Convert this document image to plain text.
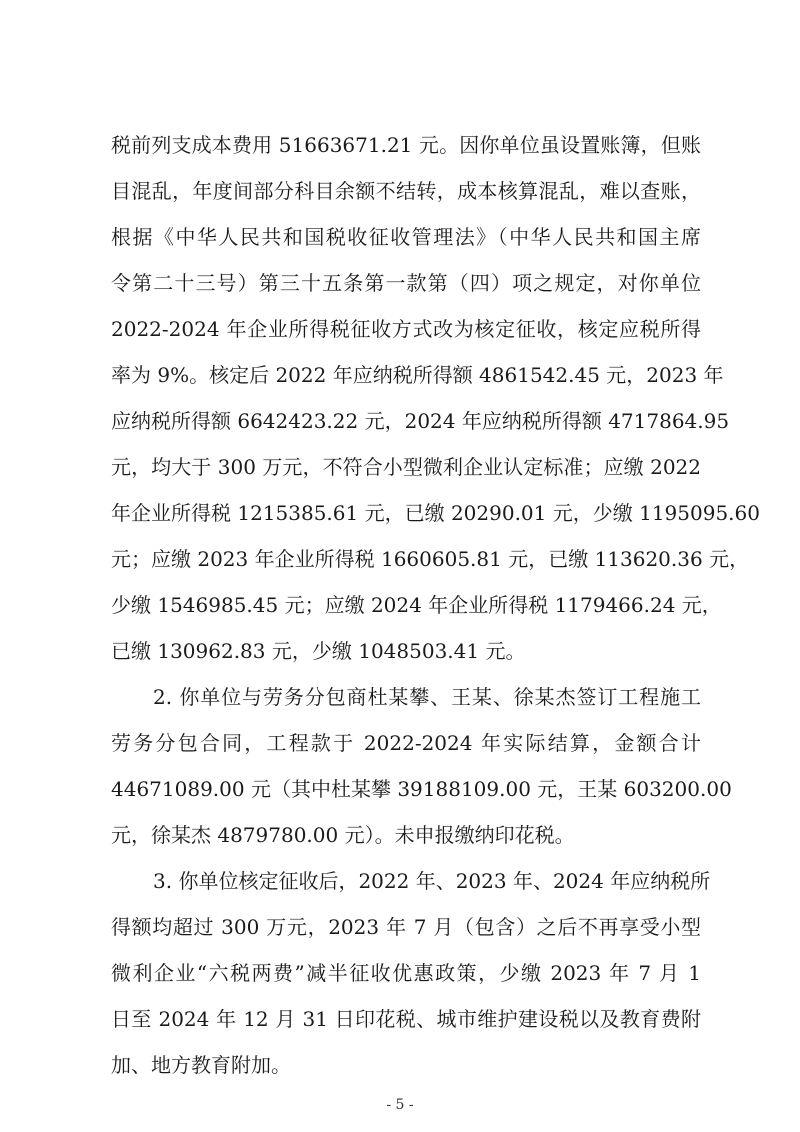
税前列支成本费用 51663671.21 元。因你单位虽设置账簿，但账
目混乱，年度间部分科目余额不结转，成本核算混乱，难以查账，
根据《中华人民共和国税收征收管理法》（中华人民共和国主席
令第二十三号）第三十五条第一款第（四）项之规定，对你单位
2022-2024 年企业所得税征收方式改为核定征收，核定应税所得
率为 9%。核定后 2022 年应纳税所得额 4861542.45 元，2023 年
应纳税所得额 6642423.22 元，2024 年应纳税所得额 4717864.95
元，均大于 300 万元，不符合小型微利企业认定标准；应缴 2022
年企业所得税 1215385.61 元，已缴 20290.01 元，少缴 1195095.60
元；应缴 2023 年企业所得税 1660605.81 元，已缴 113620.36 元，
少缴 1546985.45 元；应缴 2024 年企业所得税 1179466.24 元，
已缴 130962.83 元，少缴 1048503.41 元。
2. 你单位与劳务分包商杜某攀、王某、徐某杰签订工程施工
劳务分包合同，工程款于 2022-2024 年实际结算，金额合计
44671089.00 元（其中杜某攀 39188109.00 元，王某 603200.00
元，徐某杰 4879780.00 元）。未申报缴纳印花税。
3. 你单位核定征收后，2022 年、2023 年、2024 年应纳税所
得额均超过 300 万元，2023 年 7 月（包含）之后不再享受小型
微利企业“六税两费”减半征收优惠政策，少缴 2023 年 7 月 1
日至 2024 年 12 月 31 日印花税、城市维护建设税以及教育费附
加、地方教育附加。
- 5 -
